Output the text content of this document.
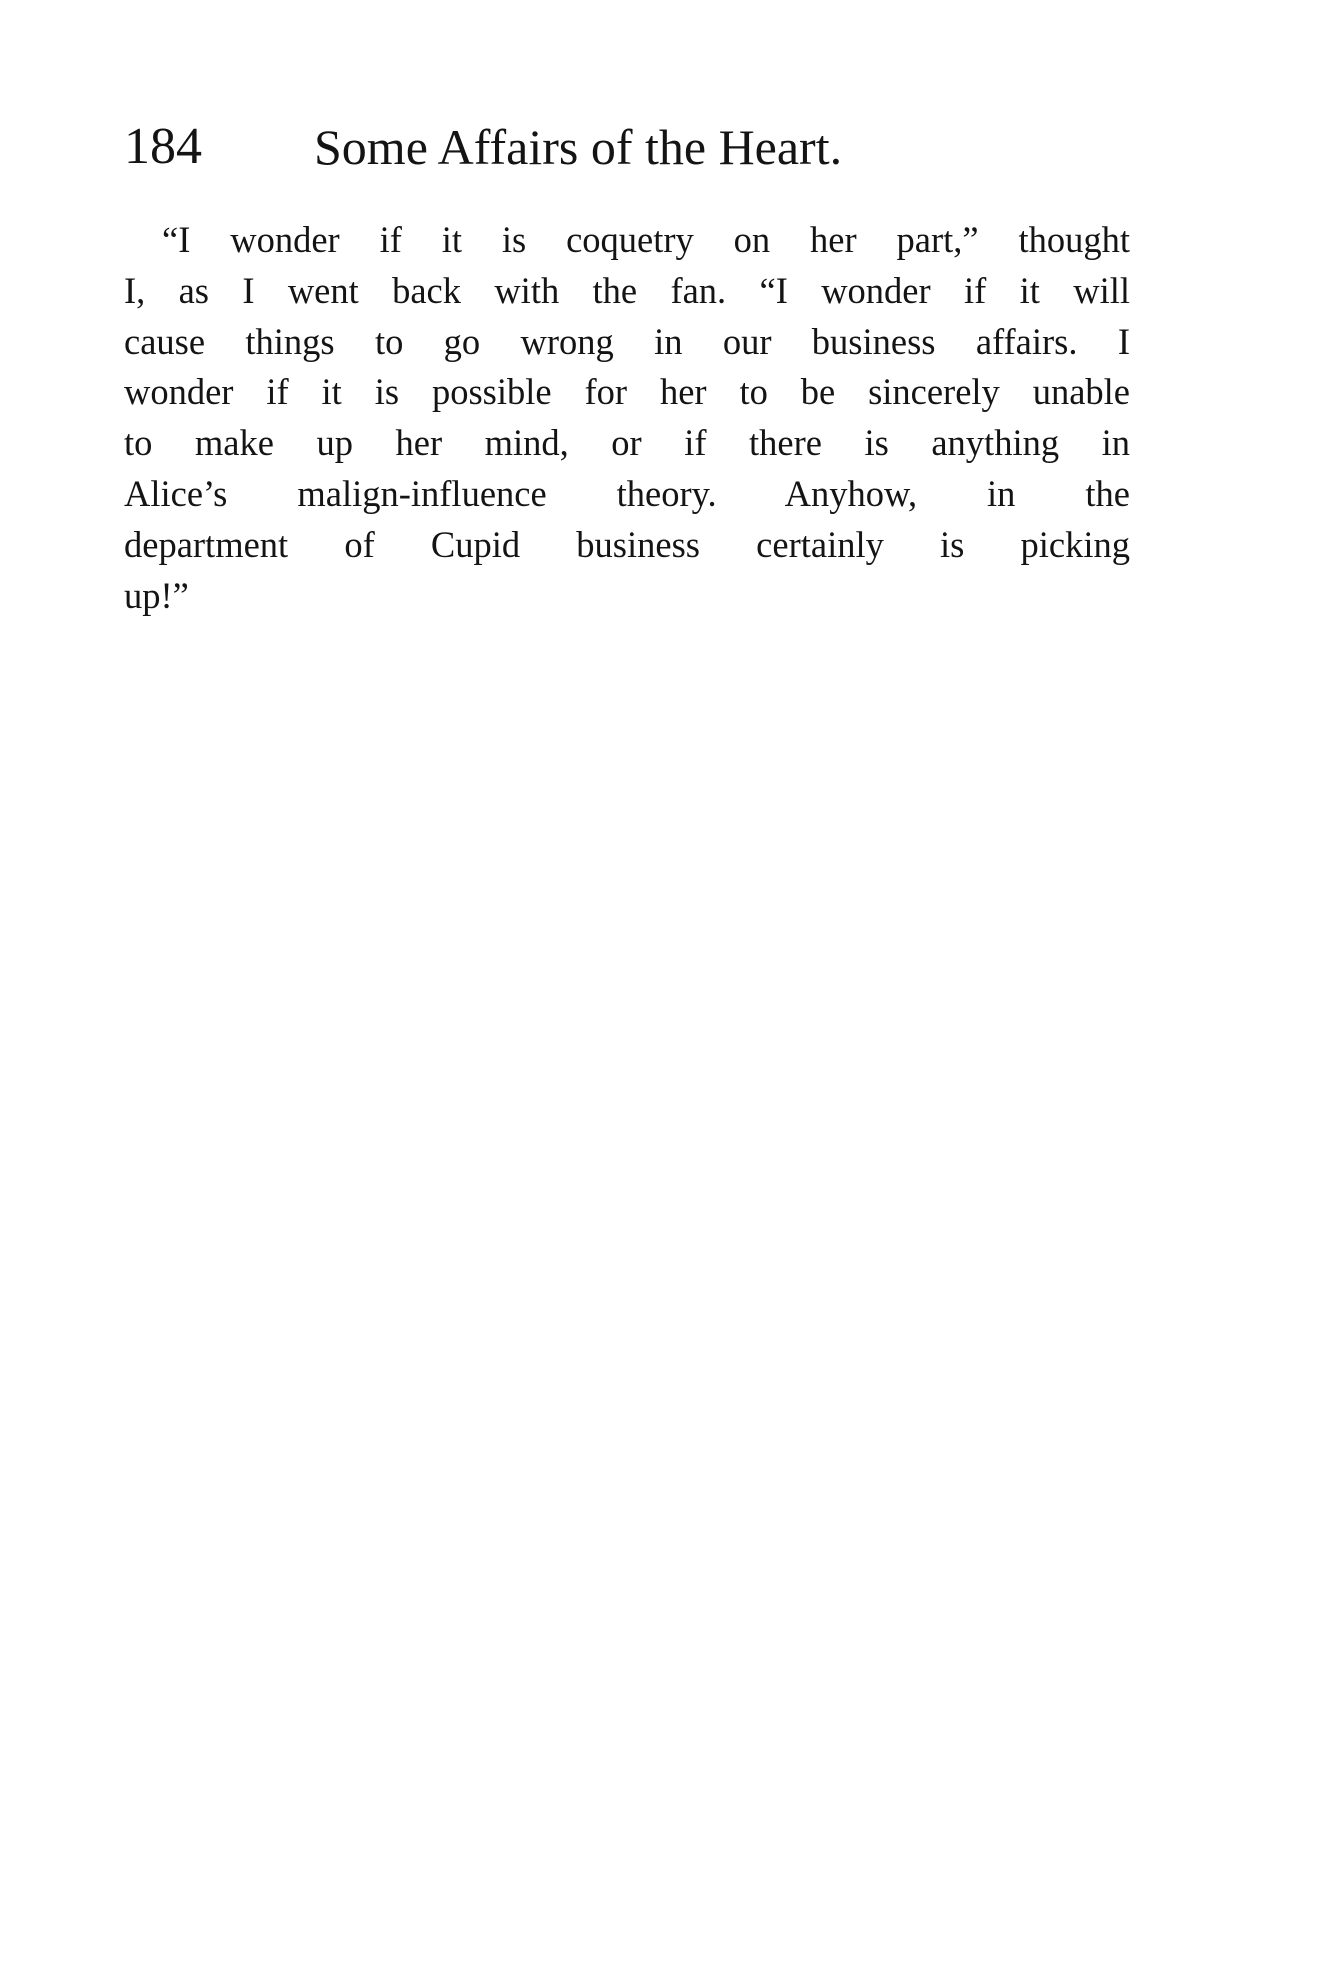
184 Some Affairs of the Heart.
“I wonder if it is coquetry on her part,” thought
I, as I went back with the fan. “I wonder if it will
cause things to go wrong in our business affairs. I
wonder if it is possible for her to be sincerely unable
to make up her mind, or if there is anything in
Alice’s malign-influence theory. Anyhow, in the
department of Cupid business certainly is picking
up!”
